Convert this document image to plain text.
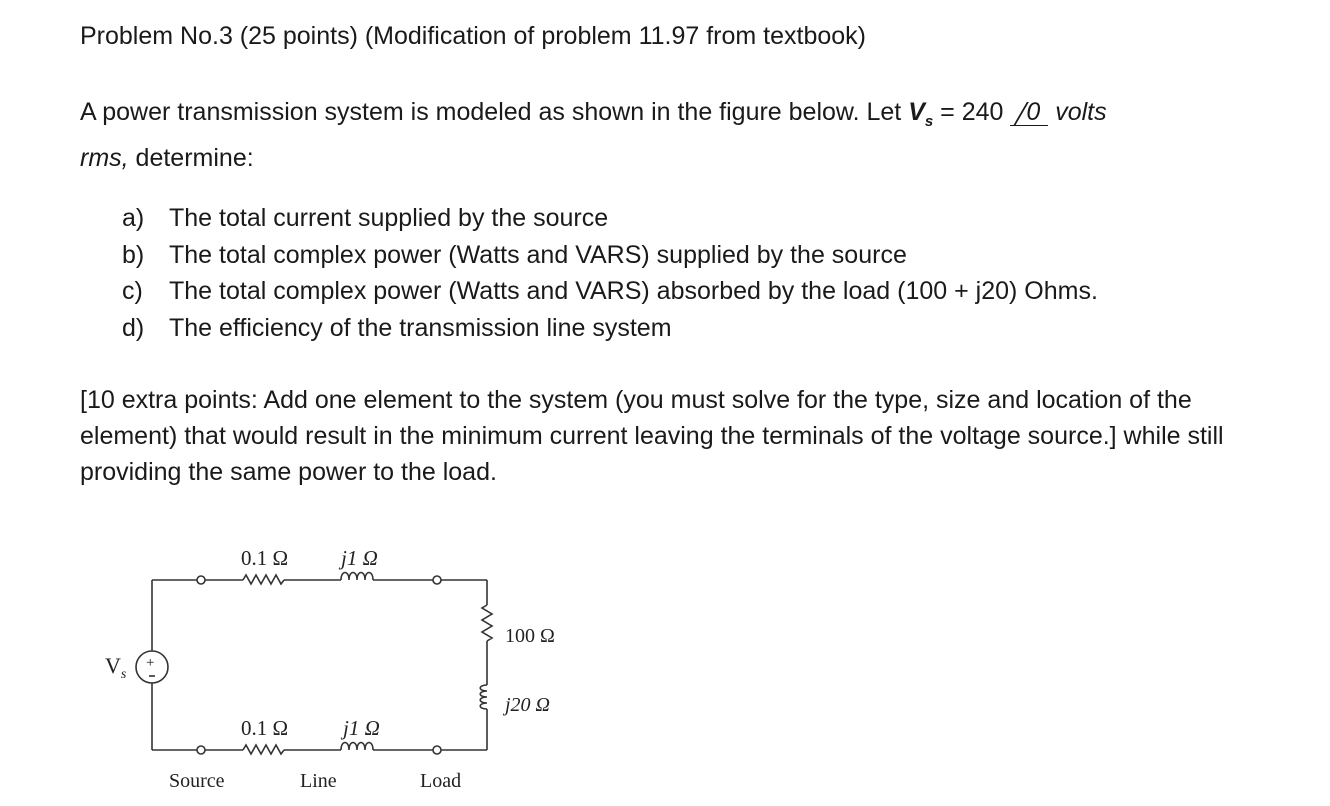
Problem No.3 (25 points) (Modification of problem 11.97 from textbook)
A power transmission system is modeled as shown in the figure below. Let $V_s = 240$ 0 volts
rms, determine:
a) The total current supplied by the source
b) The total complex power (Watts and VARS) supplied by the source
c) The total complex power (Watts and VARS) absorbed by the load (100 + j20) Ohms.
d) The efficiency of the transmission line system
[10 extra points: Add one element to the system (you must solve for the type, size and location of the element) that would result in the minimum current leaving the terminals of the voltage source.] while still providing the same power to the load.
+
$V_s$
0.1 Ω	j1 Ω
0.1 Ω	j1 Ω
100 Ω
j20 Ω
Source	Line	Load
